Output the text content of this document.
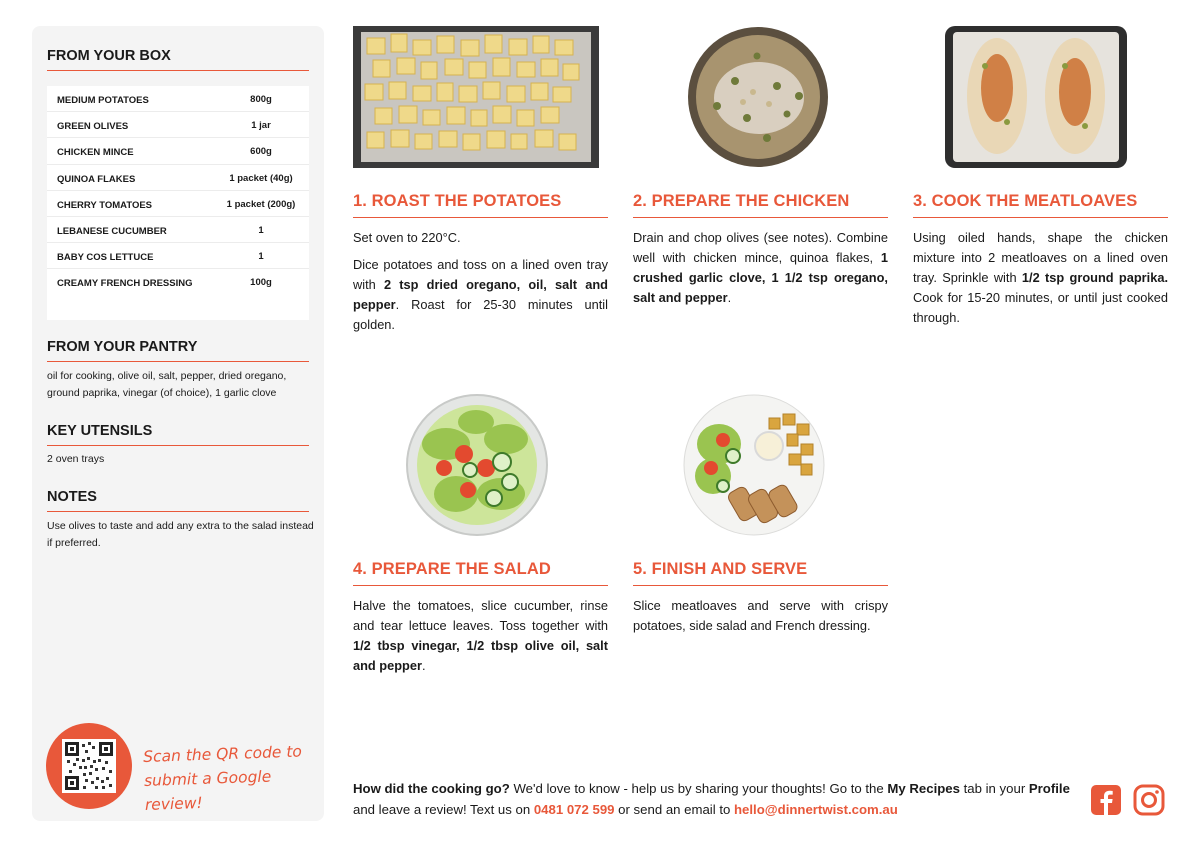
FROM YOUR BOX
MEDIUM POTATOES	800g
GREEN OLIVES	1 jar
CHICKEN MINCE	600g
QUINOA FLAKES	1 packet (40g)
CHERRY TOMATOES	1 packet (200g)
LEBANESE CUCUMBER	1
BABY COS LETTUCE	1
CREAMY FRENCH DRESSING	100g
FROM YOUR PANTRY
oil for cooking, olive oil, salt, pepper, dried oregano, ground paprika, vinegar (of choice), 1 garlic clove
KEY UTENSILS
2 oven trays
NOTES
Use olives to taste and add any extra to the salad instead if preferred.
Scan the QR code to
submit a Google review!
1. ROAST THE POTATOES

Set oven to 220°C.

Dice potatoes and toss on a lined oven tray with 2 tsp dried oregano, oil, salt and pepper. Roast for 25-30 minutes until golden.

2. PREPARE THE CHICKEN

Drain and chop olives (see notes). Combine well with chicken mince, quinoa flakes, 1 crushed garlic clove, 1 1/2 tsp oregano, salt and pepper.

3. COOK THE MEATLOAVES

Using oiled hands, shape the chicken mixture into 2 meatloaves on a lined oven tray. Sprinkle with 1/2 tsp ground paprika. Cook for 15-20 minutes, or until just cooked through.

4. PREPARE THE SALAD

Halve the tomatoes, slice cucumber, rinse and tear lettuce leaves. Toss together with 1/2 tbsp vinegar, 1/2 tbsp olive oil, salt and pepper.

5. FINISH AND SERVE

Slice meatloaves and serve with crispy potatoes, side salad and French dressing.

How did the cooking go? We'd love to know - help us by sharing your thoughts! Go to the My Recipes tab in your Profile and leave a review! Text us on 0481 072 599 or send an email to hello@dinnertwist.com.au
